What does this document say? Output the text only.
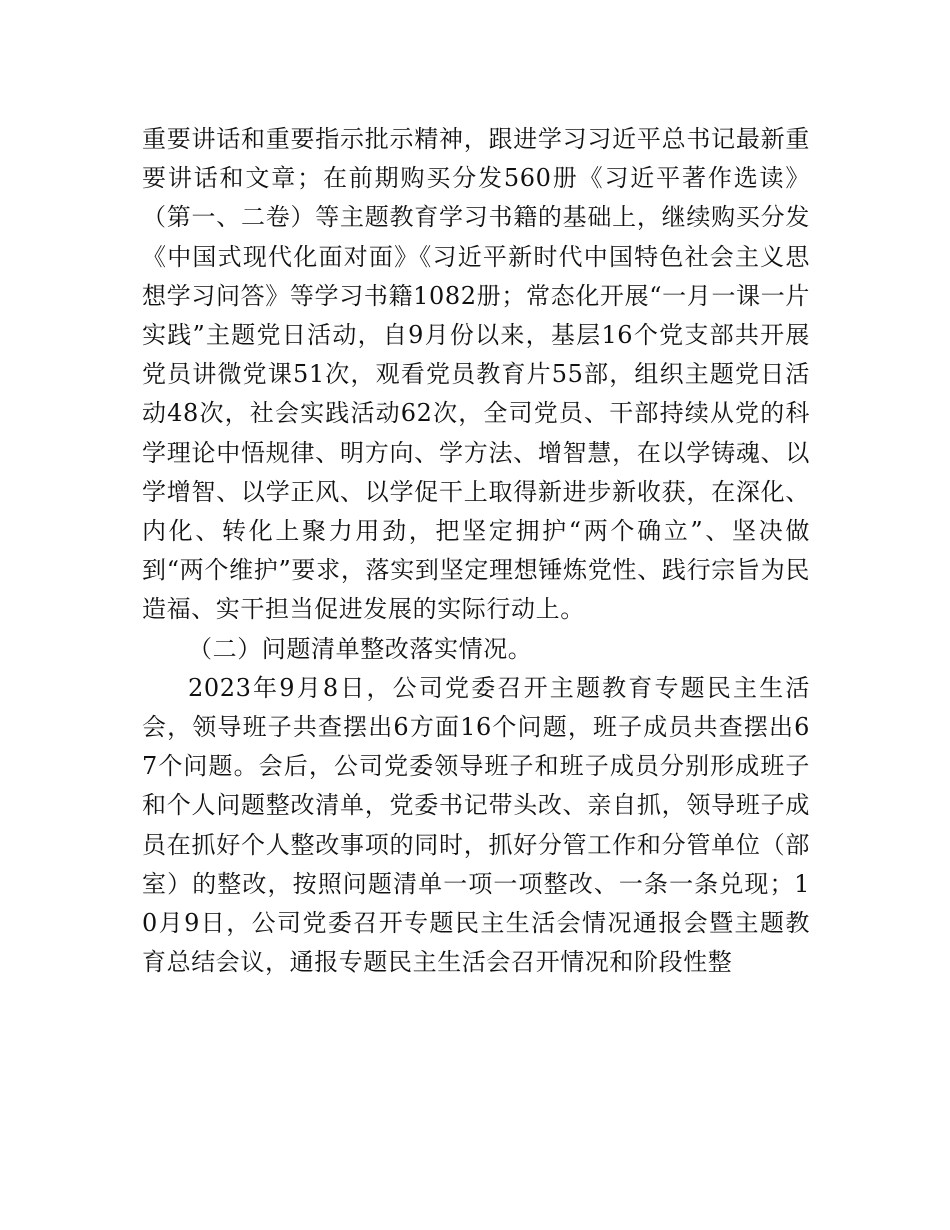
重要讲话和重要指示批示精神，跟进学习习近平总书记最新重要讲话和文章；在前期购买分发560册《习近平著作选读》（第一、二卷）等主题教育学习书籍的基础上，继续购买分发《中国式现代化面对面》《习近平新时代中国特色社会主义思想学习问答》等学习书籍1082册；常态化开展“一月一课一片实践”主题党日活动，自9月份以来，基层16个党支部共开展党员讲微党课51次，观看党员教育片55部，组织主题党日活动48次，社会实践活动62次，全司党员、干部持续从党的科学理论中悟规律、明方向、学方法、增智慧，在以学铸魂、以学增智、以学正风、以学促干上取得新进步新收获，在深化、内化、转化上聚力用劲，把坚定拥护“两个确立”、坚决做到“两个维护”要求，落实到坚定理想锤炼党性、践行宗旨为民造福、实干担当促进发展的实际行动上。

（二）问题清单整改落实情况。

2023年9月8日，公司党委召开主题教育专题民主生活会，领导班子共查摆出6方面16个问题，班子成员共查摆出67个问题。会后，公司党委领导班子和班子成员分别形成班子和个人问题整改清单，党委书记带头改、亲自抓，领导班子成员在抓好个人整改事项的同时，抓好分管工作和分管单位（部室）的整改，按照问题清单一项一项整改、一条一条兑现；10月9日，公司党委召开专题民主生活会情况通报会暨主题教育总结会议，通报专题民主生活会召开情况和阶段性整
